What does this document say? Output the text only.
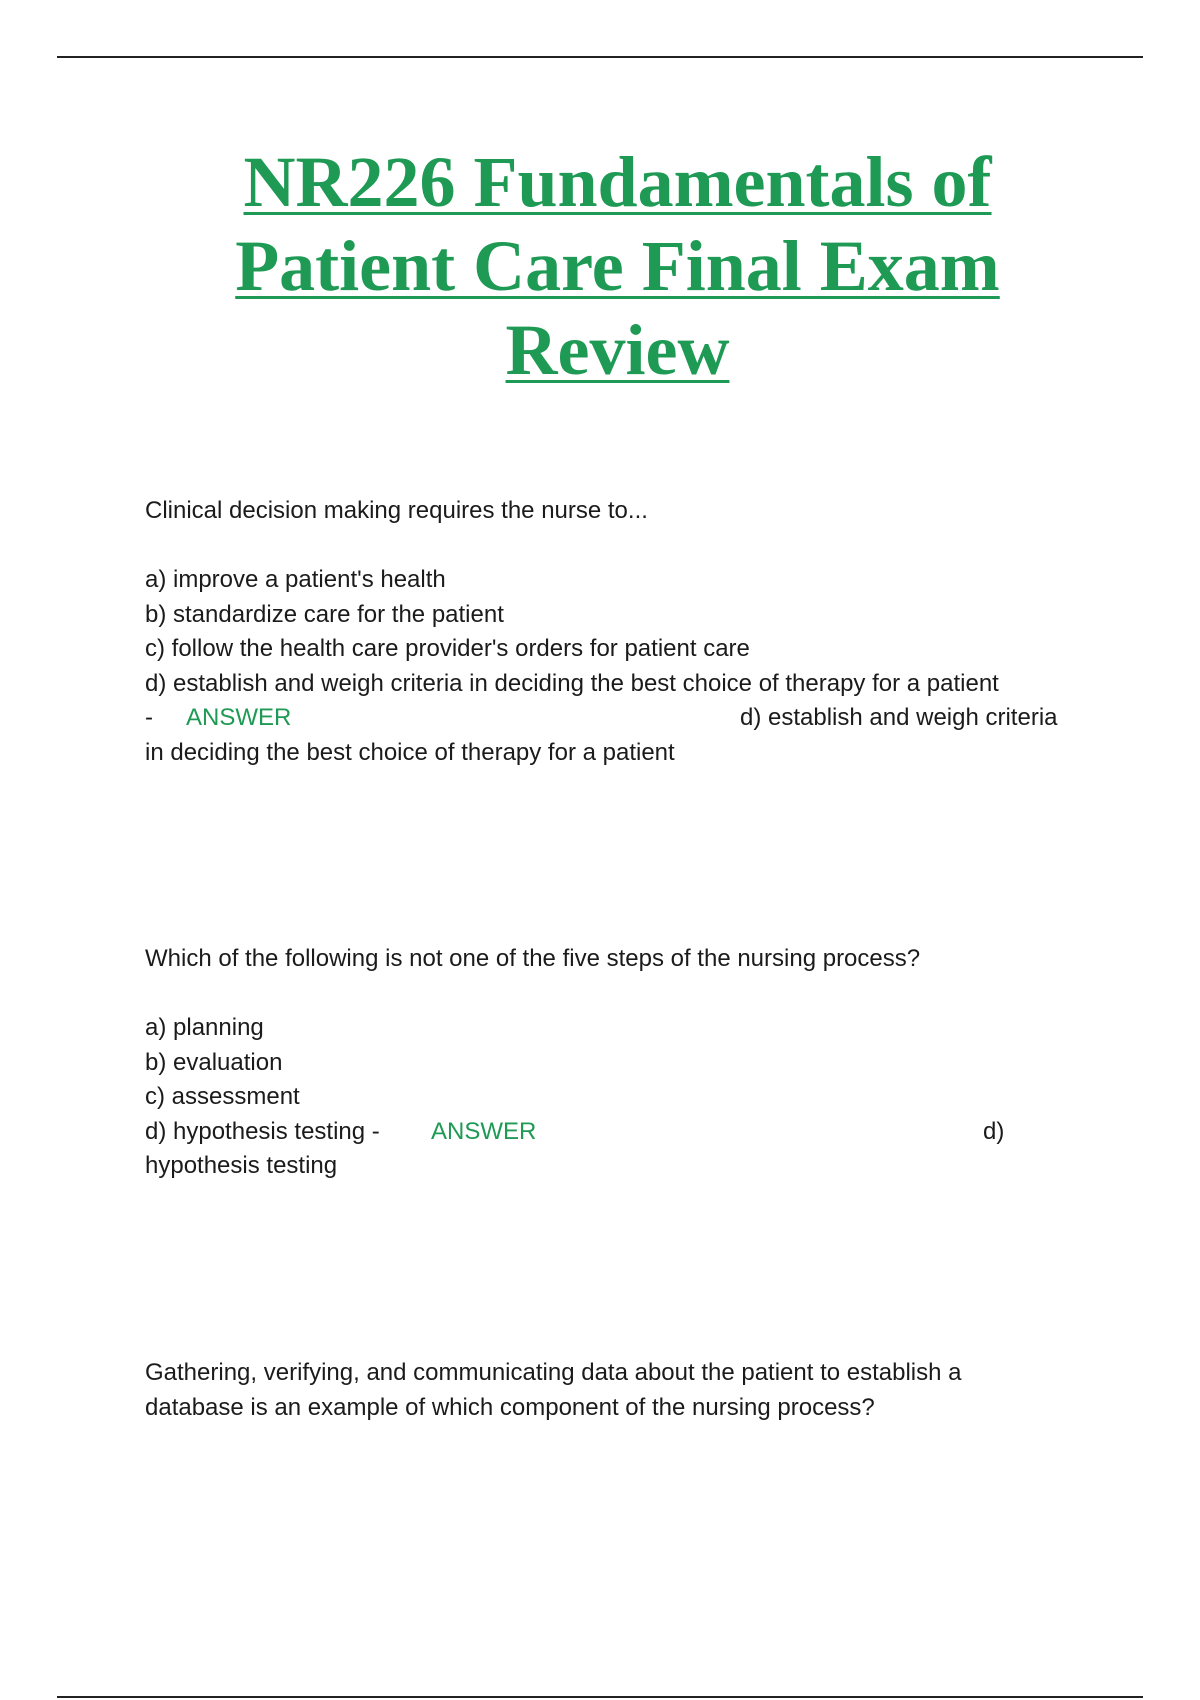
NR226 Fundamentals of
Patient Care Final Exam
Review

Clinical decision making requires the nurse to...

a) improve a patient's health

b) standardize care for the patient

c) follow the health care provider's orders for patient care

d) establish and weigh criteria in deciding the best choice of therapy for a patient

- ANSWER	d) establish and weigh criteria

in deciding the best choice of therapy for a patient

Which of the following is not one of the five steps of the nursing process?

a) planning

b) evaluation

c) assessment

d) hypothesis testing - ANSWER	d)

hypothesis testing

Gathering, verifying, and communicating data about the patient to establish a

database is an example of which component of the nursing process?
